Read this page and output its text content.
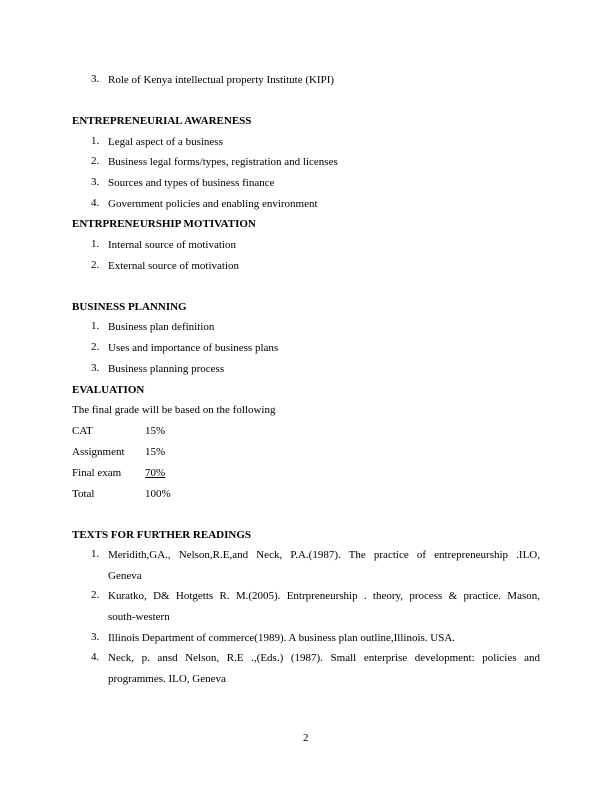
3. Role of Kenya intellectual property Institute (KIPI)
ENTREPRENEURIAL AWARENESS
1. Legal aspect of a business
2. Business legal forms/types, registration and licenses
3. Sources and types of business finance
4. Government policies and enabling environment
ENTRPRENEURSHIP MOTIVATION
1. Internal source of motivation
2. External source of motivation
BUSINESS PLANNING
1. Business plan definition
2. Uses and importance of business plans
3. Business planning process
EVALUATION
The final grade will be based on the following
CAT	15%
Assignment 15%
Final exam 70%
Total	100%
TEXTS FOR FURTHER READINGS
1. Meridith,GA., Nelson,R.E,and Neck, P.A.(1987). The practice of entrepreneurship .ILO,
Geneva
2. Kuratko, D& Hotgetts R. M.(2005). Entrpreneurship . theory, process & practice. Mason,
south-western
3. Illinois Department of commerce(1989). A business plan outline,Illinois. USA.
4. Neck, p. ansd Nelson, R.E .,(Eds.) (1987). Small enterprise development: policies and
programmes. ILO, Geneva
2
